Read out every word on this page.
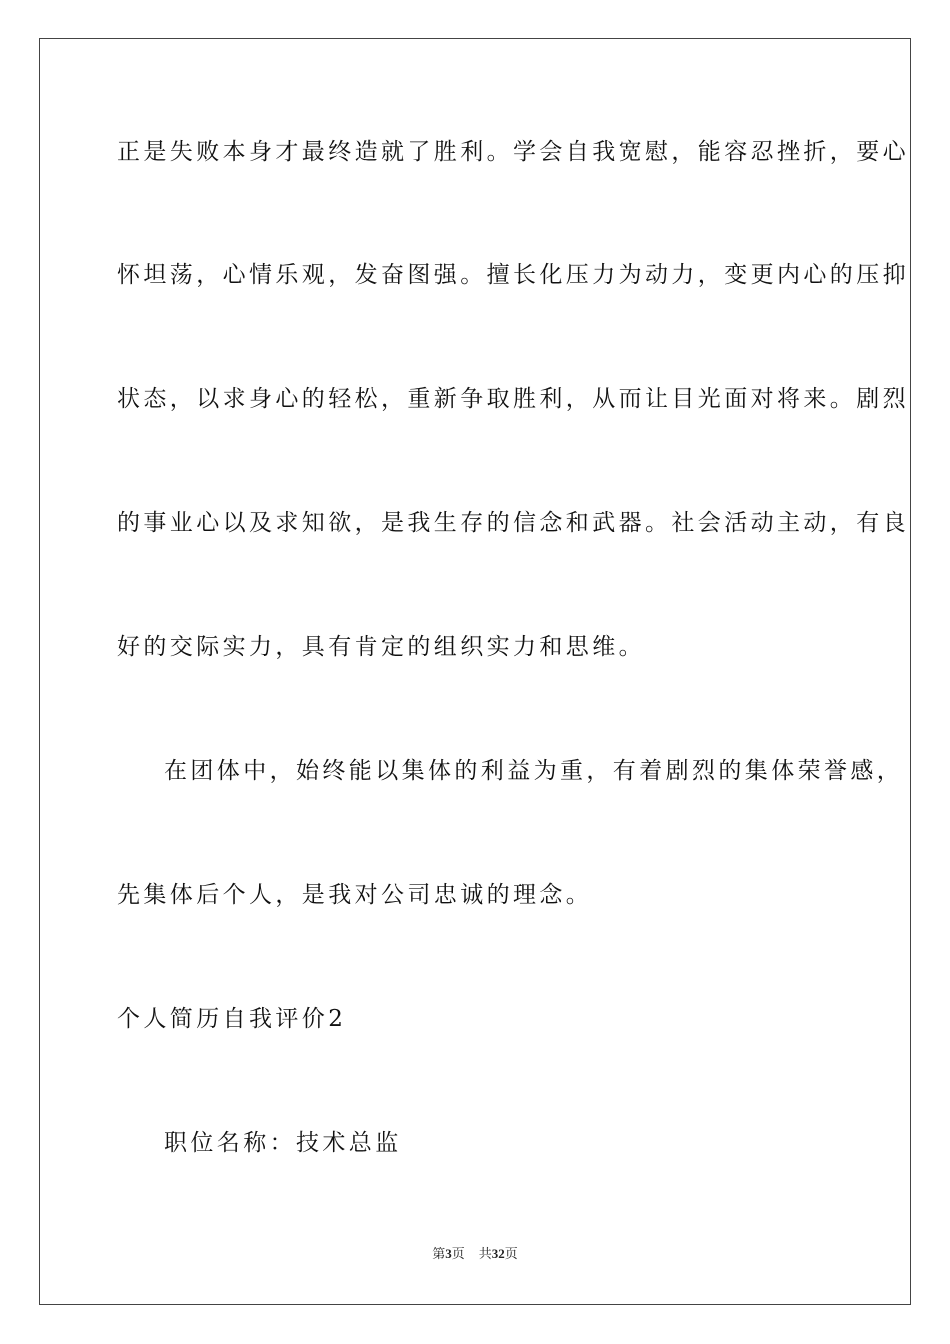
正是失败本身才最终造就了胜利。学会自我宽慰，能容忍挫折，要心
怀坦荡，心情乐观，发奋图强。擅长化压力为动力，变更内心的压抑
状态，以求身心的轻松，重新争取胜利，从而让目光面对将来。剧烈
的事业心以及求知欲，是我生存的信念和武器。社会活动主动，有良
好的交际实力，具有肯定的组织实力和思维。
在团体中，始终能以集体的利益为重，有着剧烈的集体荣誉感，
先集体后个人，是我对公司忠诚的理念。
个人简历自我评价2
职位名称：技术总监
第3页 共32页
